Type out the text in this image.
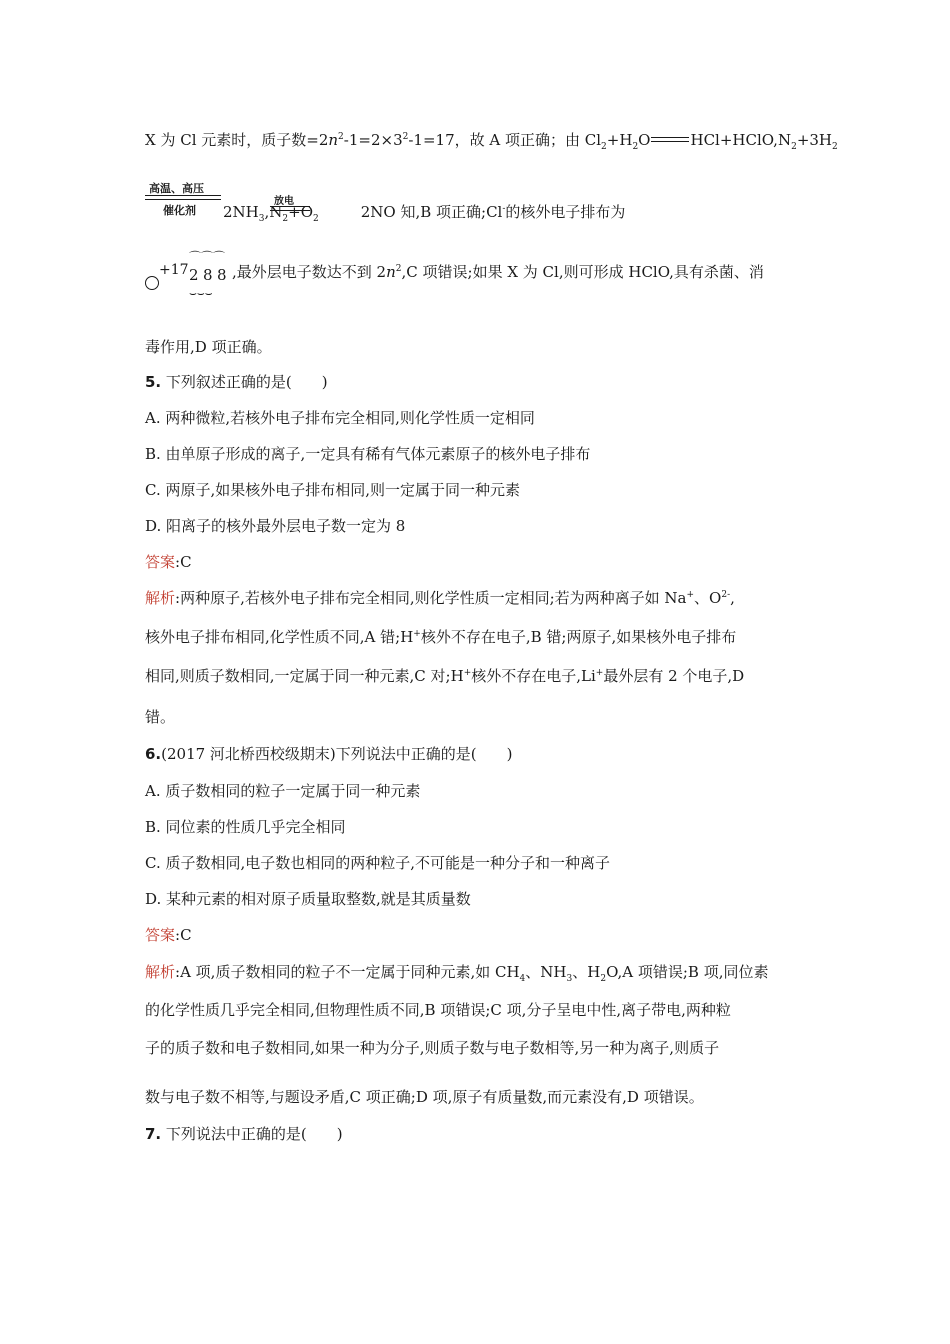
X 为 Cl 元素时，质子数$=2n^2-1=2\times 3^2-1=17$，故 A 项正确；由 $Cl_2+H_2O$	$HCl+HClO,N_2+3H_2$
高温、高压
催化剂
放电
$2NH_3,N_2+O_2$	2NO 知,B 项正确;Cl-的核外电子排布为
+17
⌒⌒⌒
2 8 8
⌣⌣⌣
,最外层电子数达不到 $2n^2,C$ 项错误;如果 X 为 Cl,则可形成 HClO,具有杀菌、消
毒作用,D 项正确。
5. 下列叙述正确的是(　　)
A. 两种微粒,若核外电子排布完全相同,则化学性质一定相同
B. 由单原子形成的离子,一定具有稀有气体元素原子的核外电子排布
C. 两原子,如果核外电子排布相同,则一定属于同一种元素
D. 阳离子的核外最外层电子数一定为 8
答案:C
解析:两种原子,若核外电子排布完全相同,则化学性质一定相同;若为两种离子如 Na+、$O^{2-}$,
核外电子排布相同,化学性质不同,A 错;H+核外不存在电子,B 错;两原子,如果核外电子排布
相同,则质子数相同,一定属于同一种元素,C 对;H+核外不存在电子,Li+最外层有 2 个电子,D
错。
6.(2017 河北桥西校级期末)下列说法中正确的是(　　)
A. 质子数相同的粒子一定属于同一种元素
B. 同位素的性质几乎完全相同
C. 质子数相同,电子数也相同的两种粒子,不可能是一种分子和一种离子
D. 某种元素的相对原子质量取整数,就是其质量数
答案:C
解析:A 项,质子数相同的粒子不一定属于同种元素,如 $CH_4$、$NH_3$、$H_2O,A$ 项错误;B 项,同位素
的化学性质几乎完全相同,但物理性质不同,B 项错误;C 项,分子呈电中性,离子带电,两种粒
子的质子数和电子数相同,如果一种为分子,则质子数与电子数相等,另一种为离子,则质子
数与电子数不相等,与题设矛盾,C 项正确;D 项,原子有质量数,而元素没有,D 项错误。
7. 下列说法中正确的是(　　)
